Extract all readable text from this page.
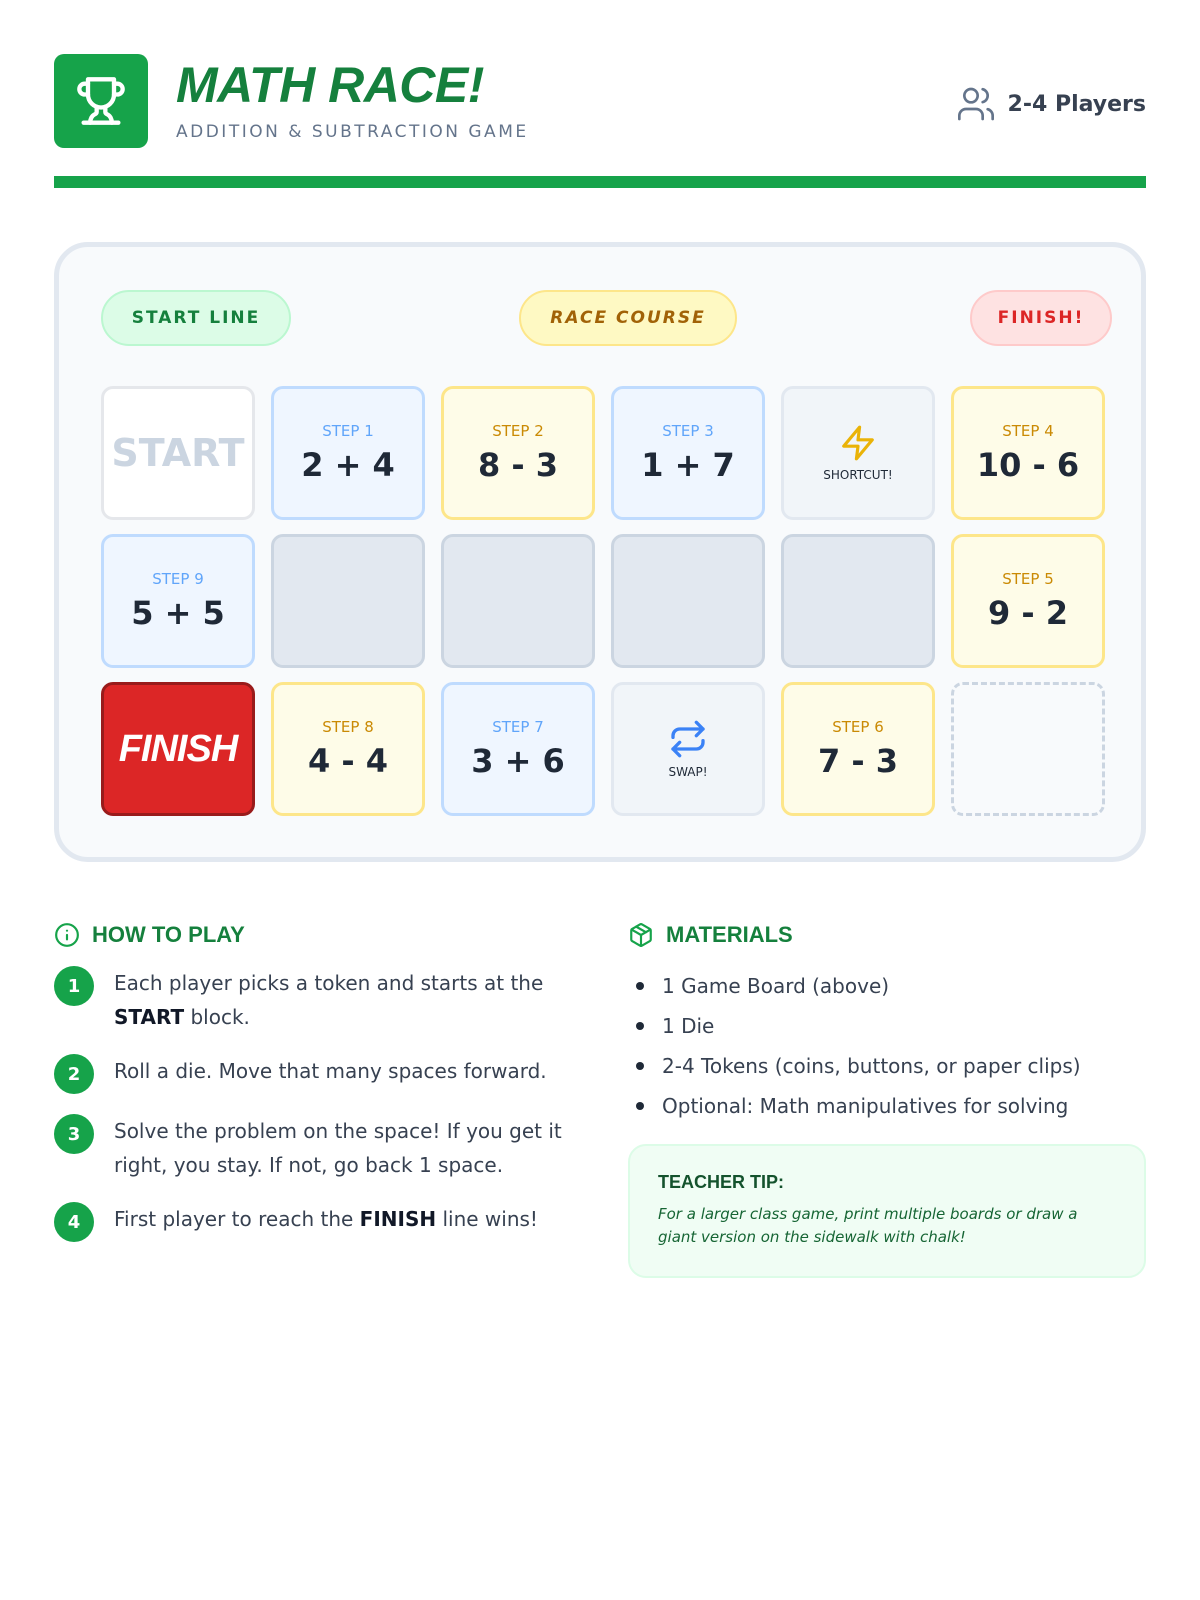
MATH RACE!
ADDITION & SUBTRACTION GAME
2-4 Players
START LINE	RACE COURSE	FINISH!
START	STEP 1
2 + 4
STEP 2
8 - 3
STEP 3
1 + 7	SHORTCUT!
STEP 4
10 - 6
STEP 9
5 + 5
STEP 5
9 - 2
FINISH
STEP 8
4 - 4
STEP 7
3 + 6	SWAP!
STEP 6
7 - 3
HOW TO PLAY
1	Each player picks a token and starts at the START block.
2	Roll a die. Move that many spaces forward.
3	Solve the problem on the space! If you get it right, you stay. If not, go back 1 space.
4	First player to reach the FINISH line wins!
MATERIALS
1 Game Board (above)
1 Die
2-4 Tokens (coins, buttons, or paper clips)
Optional: Math manipulatives for solving
TEACHER TIP:
For a larger class game, print multiple boards or draw a giant version on the sidewalk with chalk!
